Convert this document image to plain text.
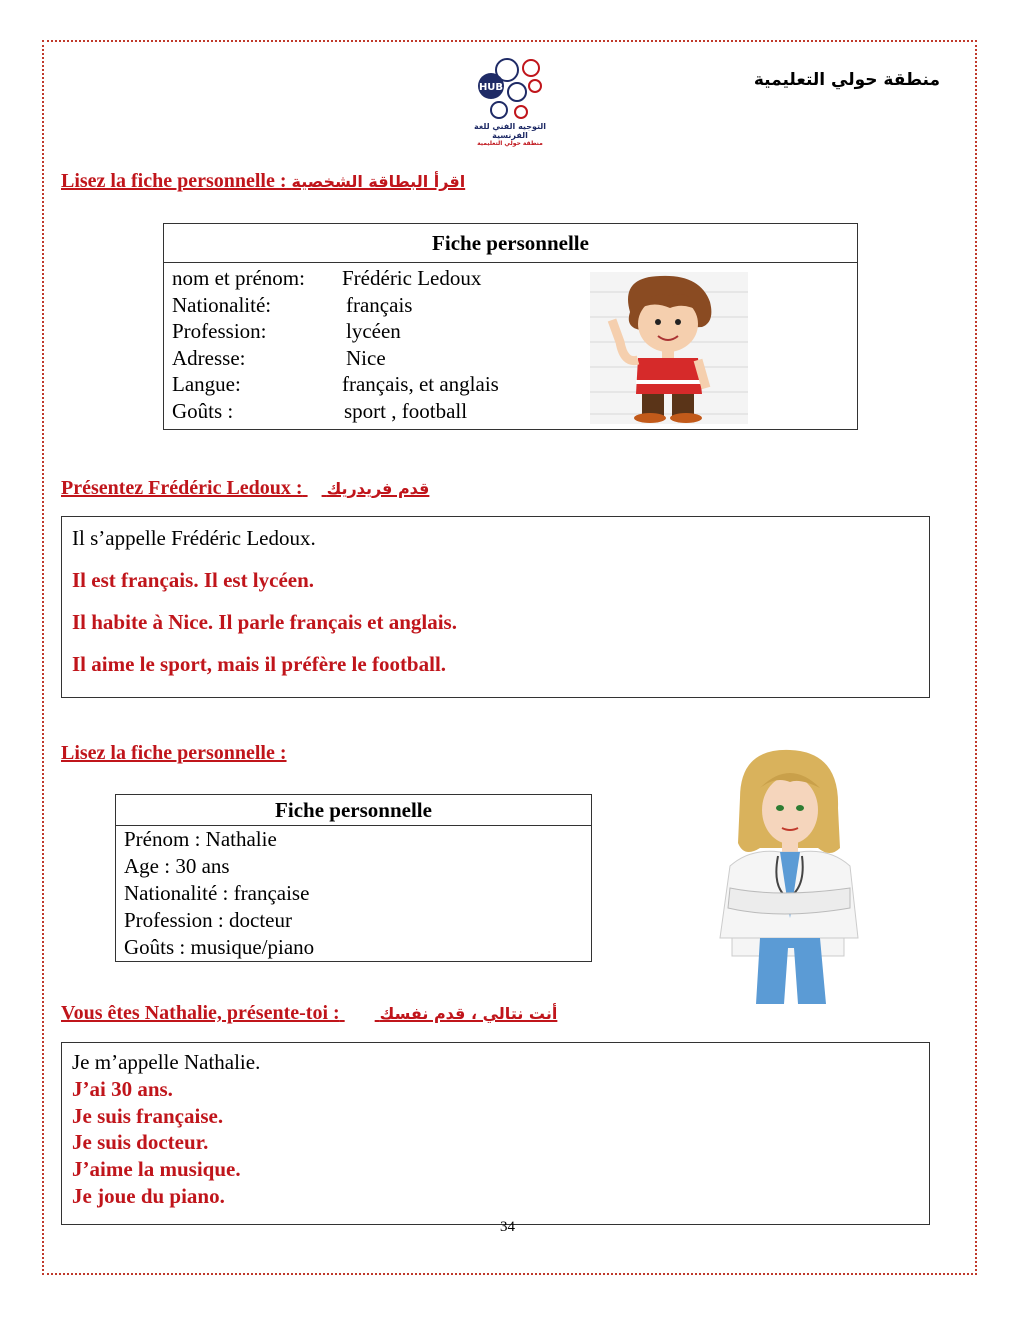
منطقة حولي التعليمية
HUB
التوجيه الفني للغة الفرنسية
منطقة حولي التعليمية
Lisez la fiche personnelle : اقرأ البطاقة الشخصية
Fiche personnelle

nom et prénom:	Frédéric Ledoux
Nationalité:	français
Profession:	lycéen
Adresse:	Nice
Langue:	français, et anglais
Goûts :	sport , football
Présentez Frédéric Ledoux : قدم فريدريك

Il s’appelle Frédéric Ledoux.

Il est français. Il est lycéen.

Il habite à Nice. Il parle français et anglais.

Il aime le sport, mais il préfère le football.

Lisez la fiche personnelle :
Fiche personnelle

Prénom : Nathalie
Age : 30 ans
Nationalité : française
Profession : docteur
Goûts : musique/piano
Vous êtes Nathalie, présente-toi :	أنت نتالي ، قدم نفسك

Je m’appelle Nathalie.

J’ai 30 ans.

Je suis française.

Je suis docteur.

J’aime la musique.

Je joue du piano.

34
